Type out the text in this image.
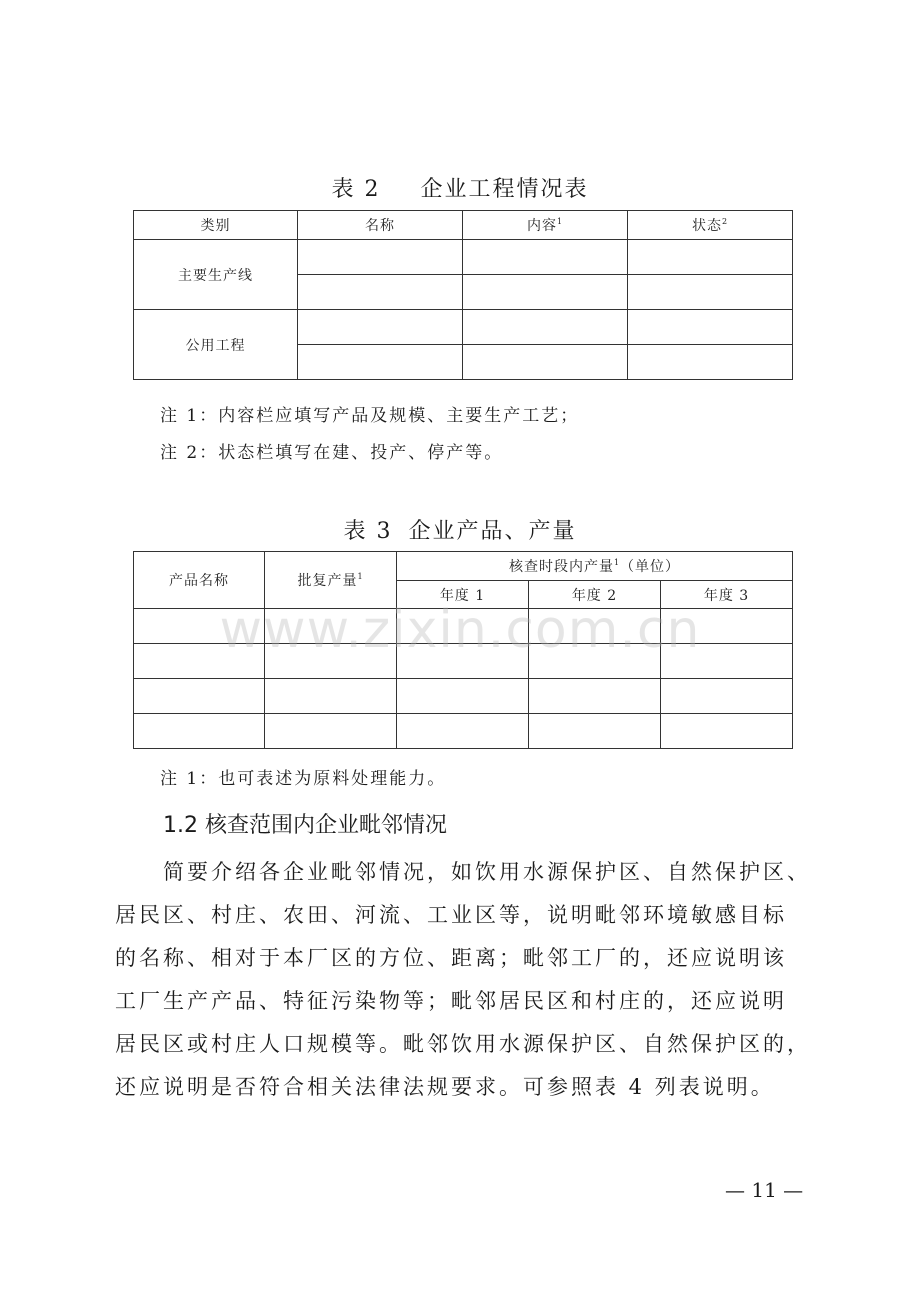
表 2 企业工程情况表
类别	名称	内容$^1$	状态$^2$
主要生产线			

公用工程			

注 1：内容栏应填写产品及规模、主要生产工艺；
注 2：状态栏填写在建、投产、停产等。
表 3 企业产品、产量
产品名称	批复产量$^1$	核查时段内产量$^1$（单位）		
		年度 1	年度 2	年度 3

www.zixin.com.cn
注 1：也可表述为原料处理能力。
1.2 核查范围内企业毗邻情况
简要介绍各企业毗邻情况，如饮用水源保护区、自然保护区、
居民区、村庄、农田、河流、工业区等，说明毗邻环境敏感目标
的名称、相对于本厂区的方位、距离；毗邻工厂的，还应说明该
工厂生产产品、特征污染物等；毗邻居民区和村庄的，还应说明
居民区或村庄人口规模等。毗邻饮用水源保护区、自然保护区的，
还应说明是否符合相关法律法规要求。可参照表 4 列表说明。
— 11 —
